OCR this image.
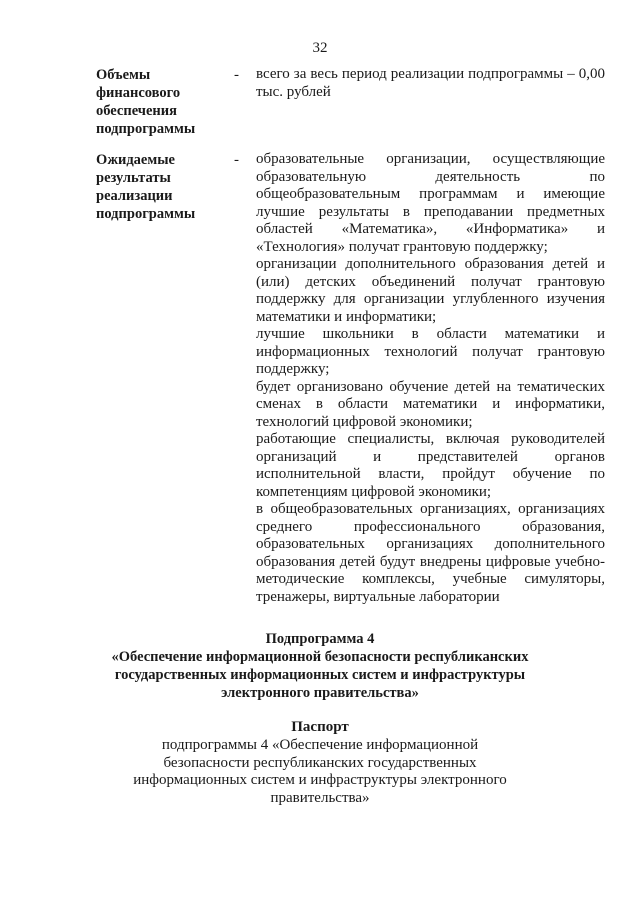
32
Объемы финансового обеспечения подпрограммы
- всего за весь период реализации подпрограммы – 0,00 тыс. рублей

Ожидаемые результаты реализации подпрограммы
- образовательные организации, осуществляющие образовательную деятельность по общеобразовательным программам и имеющие лучшие результаты в преподавании предметных областей «Математика», «Информатика» и «Технология» получат грантовую поддержку;

организации дополнительного образования детей и (или) детских объединений получат грантовую поддержку для организации углубленного изучения математики и информатики;

лучшие школьники в области математики и информационных технологий получат грантовую поддержку;

будет организовано обучение детей на тематических сменах в области математики и информатики, технологий цифровой экономики;

работающие специалисты, включая руководителей организаций и представителей органов исполнительной власти, пройдут обучение по компетенциям цифровой экономики;

в общеобразовательных организациях, организациях среднего профессионального образования, образовательных организациях дополнительного образования детей будут внедрены цифровые учебно-методические комплексы, учебные симуляторы, тренажеры, виртуальные лаборатории

Подпрограмма 4
«Обеспечение информационной безопасности республиканских государственных информационных систем и инфраструктуры электронного правительства»
Паспорт
подпрограммы 4 «Обеспечение информационной безопасности республиканских государственных информационных систем и инфраструктуры электронного правительства»
